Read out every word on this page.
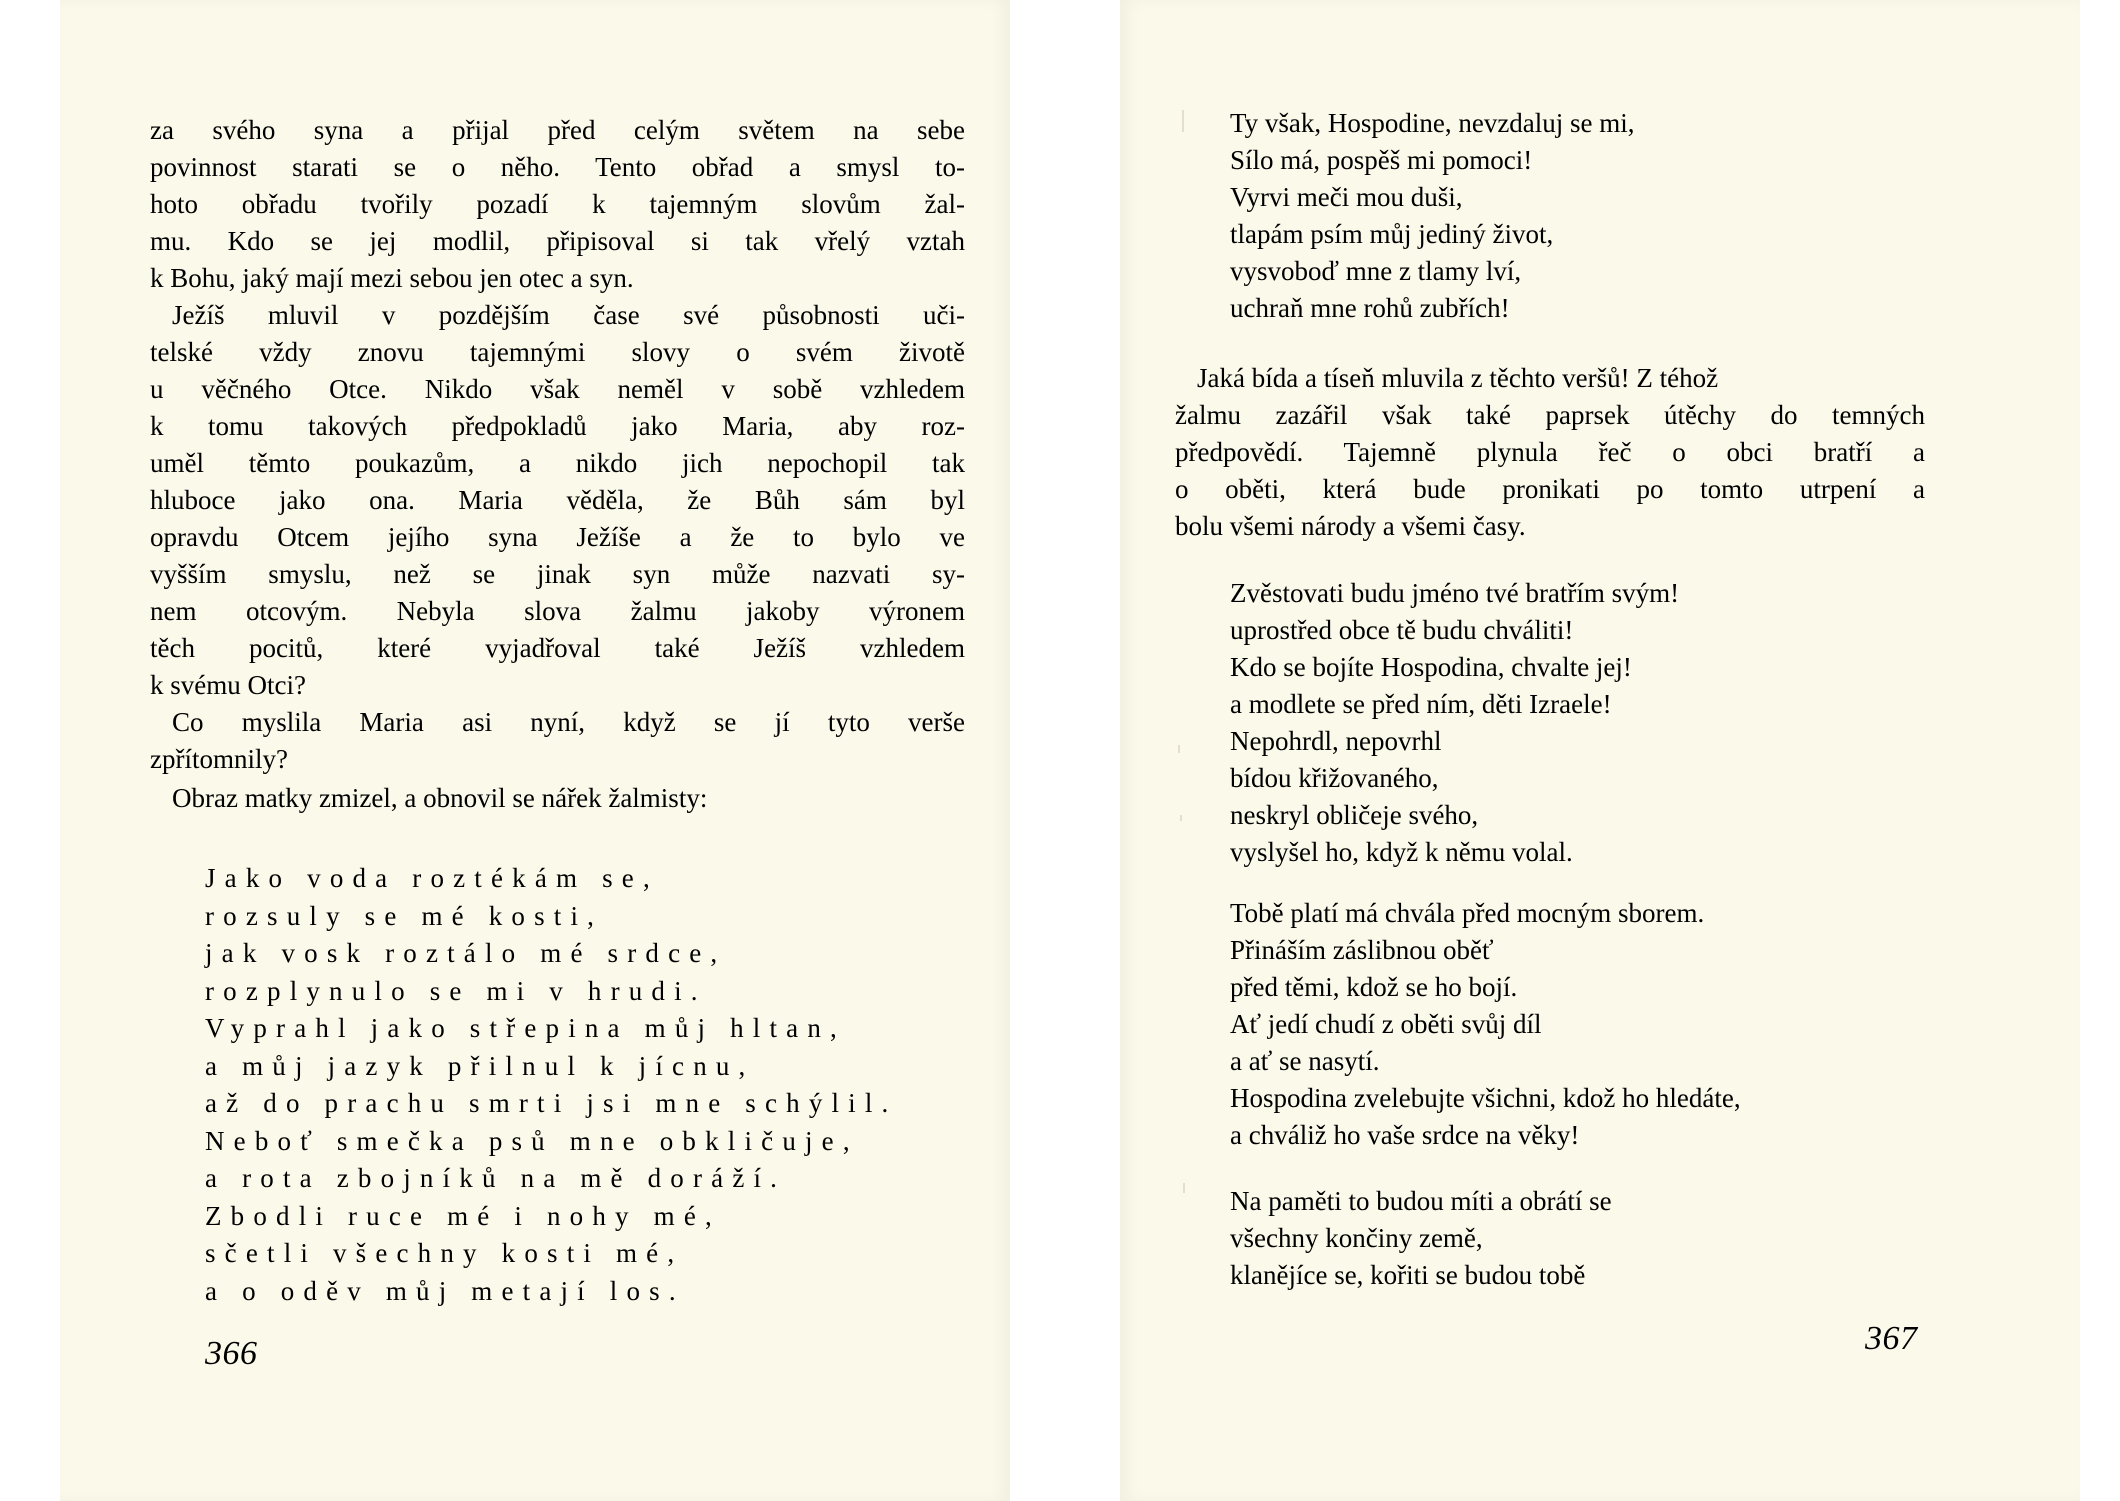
za svého syna a přijal před celým světem na sebe
povinnost starati se o něho. Tento obřad a smysl to-
hoto obřadu tvořily pozadí k tajemným slovům žal-
mu. Kdo se jej modlil, připisoval si tak vřelý vztah
k Bohu, jaký mají mezi sebou jen otec a syn.
Ježíš mluvil v pozdějším čase své působnosti uči-
telské vždy znovu tajemnými slovy o svém životě
u věčného Otce. Nikdo však neměl v sobě vzhledem
k tomu takových předpokladů jako Maria, aby roz-
uměl těmto poukazům, a nikdo jich nepochopil tak
hluboce jako ona. Maria věděla, že Bůh sám byl
opravdu Otcem jejího syna Ježíše a že to bylo ve
vyšším smyslu, než se jinak syn může nazvati sy-
nem otcovým. Nebyla slova žalmu jakoby výronem
těch pocitů, které vyjadřoval také Ježíš vzhledem
k svému Otci?
Co myslila Maria asi nyní, když se jí tyto verše
zpřítomnily?
Obraz matky zmizel, a obnovil se nářek žalmisty:
Jako voda roztékám se,
rozsuly se mé kosti,
jak vosk roztálo mé srdce,
rozplynulo se mi v hrudi.
Vyprahl jako střepina můj hltan,
a můj jazyk přilnul k jícnu,
až do prachu smrti jsi mne schýlil.
Neboť smečka psů mne obkličuje,
a rota zbojníků na mě doráží.
Zbodli ruce mé i nohy mé,
sčetli všechny kosti mé,
a o oděv můj metají los.
366
Ty však, Hospodine, nevzdaluj se mi,
Sílo má, pospěš mi pomoci!
Vyrvi meči mou duši,
tlapám psím můj jediný život,
vysvoboď mne z tlamy lví,
uchraň mne rohů zubřích!
Jaká bída a tíseň mluvila z těchto veršů! Z téhož
žalmu zazářil však také paprsek útěchy do temných
předpovědí. Tajemně plynula řeč o obci bratří a
o oběti, která bude pronikati po tomto utrpení a
bolu všemi národy a všemi časy.
Zvěstovati budu jméno tvé bratřím svým!
uprostřed obce tě budu chváliti!
Kdo se bojíte Hospodina, chvalte jej!
a modlete se před ním, děti Izraele!
Nepohrdl, nepovrhl
bídou křižovaného,
neskryl obličeje svého,
vyslyšel ho, když k němu volal.
Tobě platí má chvála před mocným sborem.
Přináším záslibnou oběť
před těmi, kdož se ho bojí.
Ať jedí chudí z oběti svůj díl
a ať se nasytí.
Hospodina zvelebujte všichni, kdož ho hledáte,
a chváliž ho vaše srdce na věky!
Na paměti to budou míti a obrátí se
všechny končiny země,
klanějíce se, kořiti se budou tobě
367
